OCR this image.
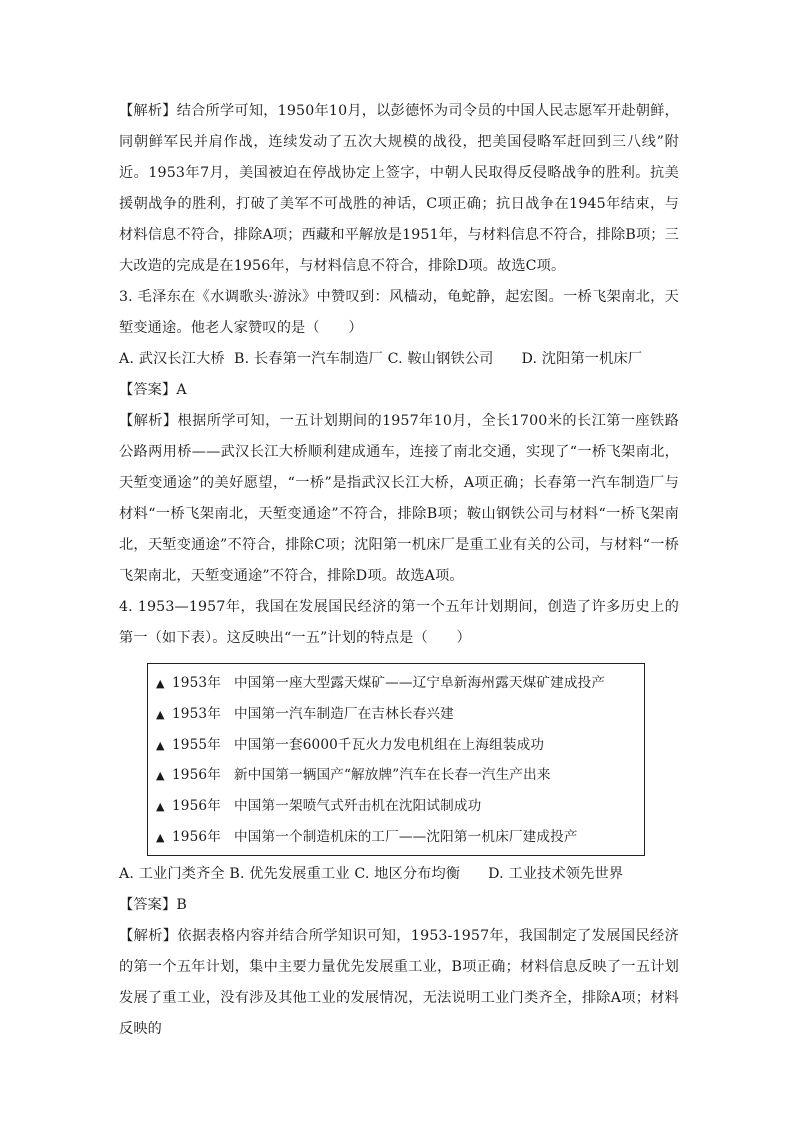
【解析】结合所学可知，1950年10月，以彭德怀为司令员的中国人民志愿军开赴朝鲜，同朝鲜军民并肩作战，连续发动了五次大规模的战役，把美国侵略军赶回到三八线”附近。1953年7月，美国被迫在停战协定上签字，中朝人民取得反侵略战争的胜利。抗美援朝战争的胜利，打破了美军不可战胜的神话，C项正确；抗日战争在1945年结束，与材料信息不符合，排除A项；西藏和平解放是1951年，与材料信息不符合，排除B项；三大改造的完成是在1956年，与材料信息不符合，排除D项。故选C项。

3. 毛泽东在《水调歌头·游泳》中赞叹到：风樯动，龟蛇静，起宏图。一桥飞架南北，天堑变通途。他老人家赞叹的是（　　）

A. 武汉长江大桥  B. 长春第一汽车制造厂 C. 鞍山钢铁公司      D. 沈阳第一机床厂

【答案】A

【解析】根据所学可知，一五计划期间的1957年10月，全长1700米的长江第一座铁路公路两用桥——武汉长江大桥顺利建成通车，连接了南北交通，实现了“一桥飞架南北，天堑变通途”的美好愿望，“一桥”是指武汉长江大桥，A项正确；长春第一汽车制造厂与材料“一桥飞架南北，天堑变通途”不符合，排除B项；鞍山钢铁公司与材料“一桥飞架南北，天堑变通途”不符合，排除C项；沈阳第一机床厂是重工业有关的公司，与材料“一桥飞架南北，天堑变通途”不符合，排除D项。故选A项。

4. 1953—1957年，我国在发展国民经济的第一个五年计划期间，创造了许多历史上的第一（如下表）。这反映出“一五”计划的特点是（　　）

▲ 1953年 中国第一座大型露天煤矿——辽宁阜新海州露天煤矿建成投产
▲ 1953年 中国第一汽车制造厂在吉林长春兴建
▲ 1955年 中国第一套6000千瓦火力发电机组在上海组装成功
▲ 1956年 新中国第一辆国产“解放牌”汽车在长春一汽生产出来
▲ 1956年 中国第一架喷气式歼击机在沈阳试制成功
▲ 1956年 中国第一个制造机床的工厂——沈阳第一机床厂建成投产

A. 工业门类齐全 B. 优先发展重工业 C. 地区分布均衡      D. 工业技术领先世界

【答案】B

【解析】依据表格内容并结合所学知识可知，1953-1957年，我国制定了发展国民经济的第一个五年计划，集中主要力量优先发展重工业，B项正确；材料信息反映了一五计划发展了重工业，没有涉及其他工业的发展情况，无法说明工业门类齐全，排除A项；材料反映的
